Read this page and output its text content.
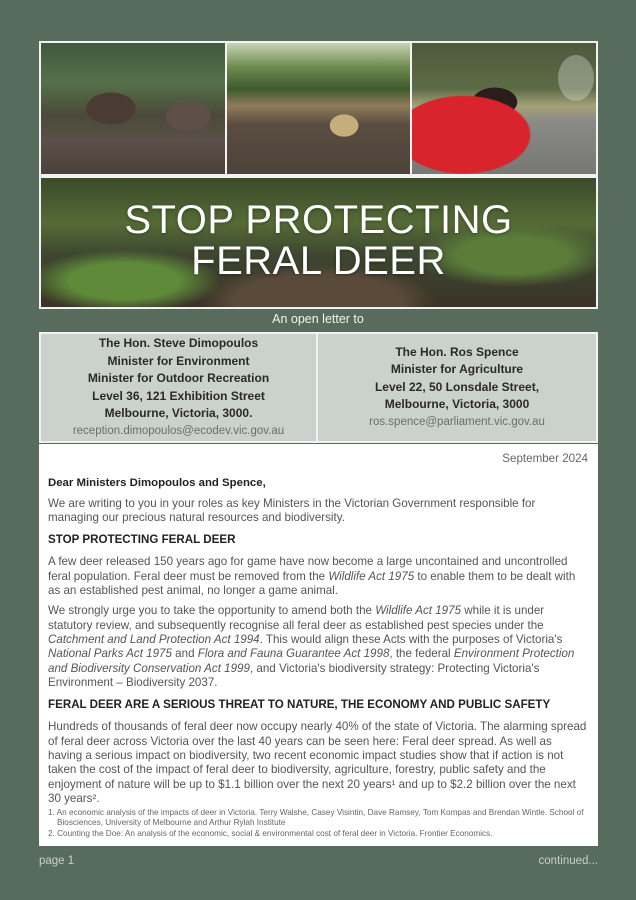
STOP PROTECTING
FERAL DEER
An open letter to
The Hon. Steve Dimopoulos
Minister for Environment
Minister for Outdoor Recreation
Level 36, 121 Exhibition Street
Melbourne, Victoria, 3000.
reception.dimopoulos@ecodev.vic.gov.au
The Hon. Ros Spence
Minister for Agriculture
Level 22, 50 Lonsdale Street,
Melbourne, Victoria, 3000
ros.spence@parliament.vic.gov.au
September 2024
Dear Ministers Dimopoulos and Spence,

We are writing to you in your roles as key Ministers in the Victorian Government responsible for managing our precious natural resources and biodiversity.

STOP PROTECTING FERAL DEER

A few deer released 150 years ago for game have now become a large uncontained and uncontrolled feral population. Feral deer must be removed from the Wildlife Act 1975 to enable them to be dealt with as an established pest animal, no longer a game animal.

We strongly urge you to take the opportunity to amend both the Wildlife Act 1975 while it is under statutory review, and subsequently recognise all feral deer as established pest species under the Catchment and Land Protection Act 1994. This would align these Acts with the purposes of Victoria's National Parks Act 1975 and Flora and Fauna Guarantee Act 1998, the federal Environment Protection and Biodiversity Conservation Act 1999, and Victoria's biodiversity strategy: Protecting Victoria's Environment – Biodiversity 2037.

FERAL DEER ARE A SERIOUS THREAT TO NATURE, THE ECONOMY AND PUBLIC SAFETY

Hundreds of thousands of feral deer now occupy nearly 40% of the state of Victoria. The alarming spread of feral deer across Victoria over the last 40 years can be seen here: Feral deer spread. As well as having a serious impact on biodiversity, two recent economic impact studies show that if action is not taken the cost of the impact of feral deer to biodiversity, agriculture, forestry, public safety and the enjoyment of nature will be up to $1.1 billion over the next 20 years¹ and up to $2.2 billion over the next 30 years².

1. An economic analysis of the impacts of deer in Victoria. Terry Walshe, Casey Visintin, Dave Ramsey, Tom Kompas and Brendan Wintle. School of Biosciences, University of Melbourne and Arthur Rylah Institute
2. Counting the Doe: An analysis of the economic, social & environmental cost of feral deer in Victoria. Frontier Economics.
page 1	continued...
